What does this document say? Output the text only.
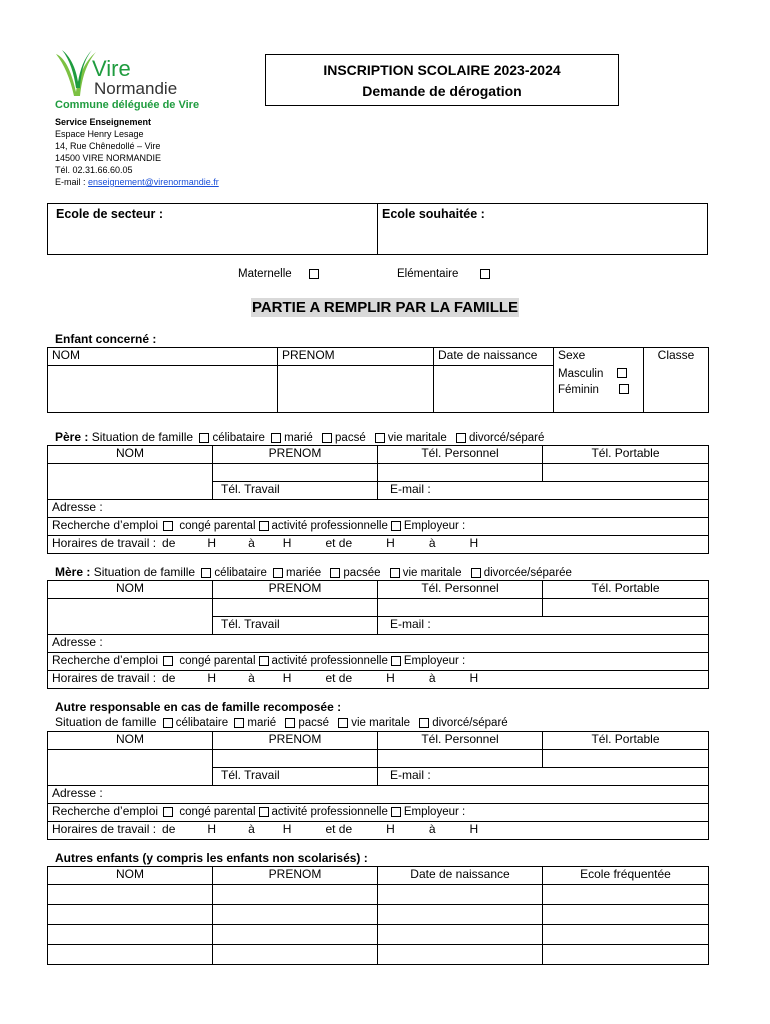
Vire
Normandie
Commune déléguée de Vire
Service Enseignement
Espace Henry Lesage
14, Rue Chênedollé – Vire
14500 VIRE NORMANDIE
Tél. 02.31.66.60.05
E-mail : enseignement@virenormandie.fr
INSCRIPTION SCOLAIRE 2023-2024
Demande de dérogation
Ecole de secteur :	Ecole souhaitée :
Maternelle	Elémentaire
PARTIE A REMPLIR PAR LA FAMILLE
Enfant concerné :
NOM	PRENOM	Date de naissance	Sexe	Classe

			Masculin
Féminin	

Père : Situation de famille célibataire marié pacsé vie maritale divorcé/séparé
NOM	PRENOM	Tél. Personnel	Tél. Portable

	Tél. Travail	E-mail :	
Adresse :			
Recherche d’emploi congé parental activité professionnelle Employeur :			
Horaires de travail : de H à H et de H à H			
Mère : Situation de famille célibataire mariée pacsée vie maritale divorcée/séparée
NOM	PRENOM	Tél. Personnel	Tél. Portable

	Tél. Travail	E-mail :	
Adresse :			
Recherche d’emploi congé parental activité professionnelle Employeur :			
Horaires de travail : de H à H et de H à H			
Autre responsable en cas de famille recomposée :
Situation de famille célibataire marié pacsé vie maritale divorcé/séparé
NOM	PRENOM	Tél. Personnel	Tél. Portable

	Tél. Travail	E-mail :	
Adresse :			
Recherche d’emploi congé parental activité professionnelle Employeur :			
Horaires de travail : de H à H et de H à H			
Autres enfants (y compris les enfants non scolarisés) :
NOM	PRENOM	Date de naissance	Ecole fréquentée
